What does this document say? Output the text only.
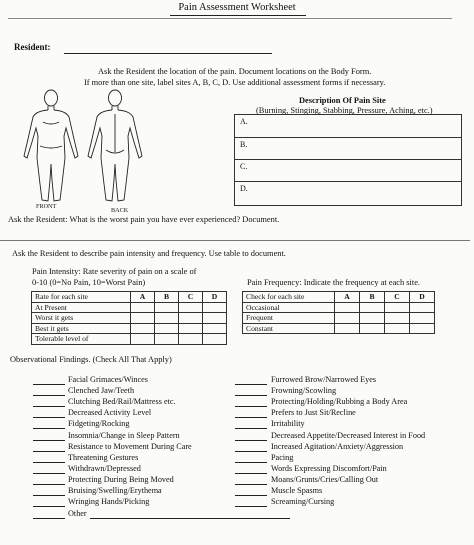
Pain Assessment Worksheet
Resident:
Ask the Resident the location of the pain. Document locations on the Body Form.
If more than one site, label sites A, B, C, D. Use additional assessment forms if necessary.
FRONT
BACK
Description Of Pain Site
(Burning, Stinging, Stabbing, Pressure, Aching, etc.)
A.
B.
C.
D.
Ask the Resident: What is the worst pain you have ever experienced? Document.
Ask the Resident to describe pain intensity and frequency. Use table to document.
Pain Intensity: Rate severity of pain on a scale of
0-10 (0=No Pain, 10=Worst Pain)	Pain Frequency: Indicate the frequency at each site.
Rate for each site	A	B	C	D
At Present				
Worst it gets				
Best it gets				
Tolerable level of				
Check for each site	A	B	C	D
Occasional				
Frequent				
Constant				
Observational Findings. (Check All That Apply)
Facial Grimaces/Winces
Clenched Jaw/Teeth
Clutching Bed/Rail/Mattress etc.
Decreased Activity Level
Fidgeting/Rocking
Insomnia/Change in Sleep Pattern
Resistance to Movement During Care
Threatening Gestures
Withdrawn/Depressed
Protecting During Being Moved
Bruising/Swelling/Erythema
Wringing Hands/Picking
Furrowed Brow/Narrowed Eyes
Frowning/Scowling
Protecting/Holding/Rubbing a Body Area
Prefers to Just Sit/Recline
Irritability
Decreased Appetite/Decreased Interest in Food
Increased Agitation/Anxiety/Aggression
Pacing
Words Expressing Discomfort/Pain
Moans/Grunts/Cries/Calling Out
Muscle Spasms
Screaming/Cursing
Other
